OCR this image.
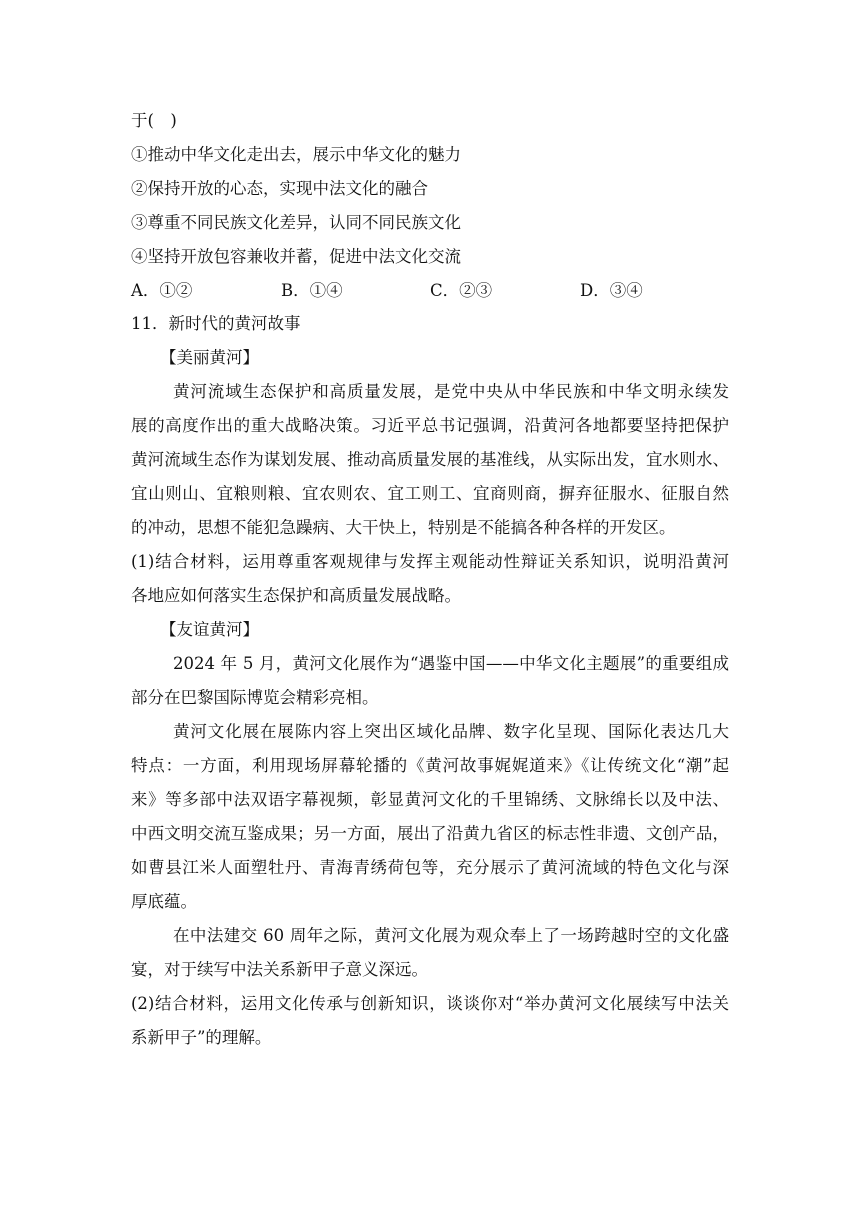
于(　)
①推动中华文化走出去，展示中华文化的魅力
②保持开放的心态，实现中法文化的融合
③尊重不同民族文化差异，认同不同民族文化
④坚持开放包容兼收并蓄，促进中法文化交流
A．①②	B．①④	C．②③	D．③④
11．新时代的黄河故事
【美丽黄河】
黄河流域生态保护和高质量发展，是党中央从中华民族和中华文明永续发
展的高度作出的重大战略决策。习近平总书记强调，沿黄河各地都要坚持把保护
黄河流域生态作为谋划发展、推动高质量发展的基准线，从实际出发，宜水则水、
宜山则山、宜粮则粮、宜农则农、宜工则工、宜商则商，摒弃征服水、征服自然
的冲动，思想不能犯急躁病、大干快上，特别是不能搞各种各样的开发区。
(1)结合材料，运用尊重客观规律与发挥主观能动性辩证关系知识，说明沿黄河
各地应如何落实生态保护和高质量发展战略。
【友谊黄河】
2024 年 5 月，黄河文化展作为“遇鉴中国——中华文化主题展”的重要组成
部分在巴黎国际博览会精彩亮相。
黄河文化展在展陈内容上突出区域化品牌、数字化呈现、国际化表达几大
特点：一方面，利用现场屏幕轮播的《黄河故事娓娓道来》《让传统文化“潮”起
来》等多部中法双语字幕视频，彰显黄河文化的千里锦绣、文脉绵长以及中法、
中西文明交流互鉴成果；另一方面，展出了沿黄九省区的标志性非遗、文创产品，
如曹县江米人面塑牡丹、青海青绣荷包等，充分展示了黄河流域的特色文化与深
厚底蕴。
在中法建交 60 周年之际，黄河文化展为观众奉上了一场跨越时空的文化盛
宴，对于续写中法关系新甲子意义深远。
(2)结合材料，运用文化传承与创新知识，谈谈你对“举办黄河文化展续写中法关
系新甲子”的理解。
